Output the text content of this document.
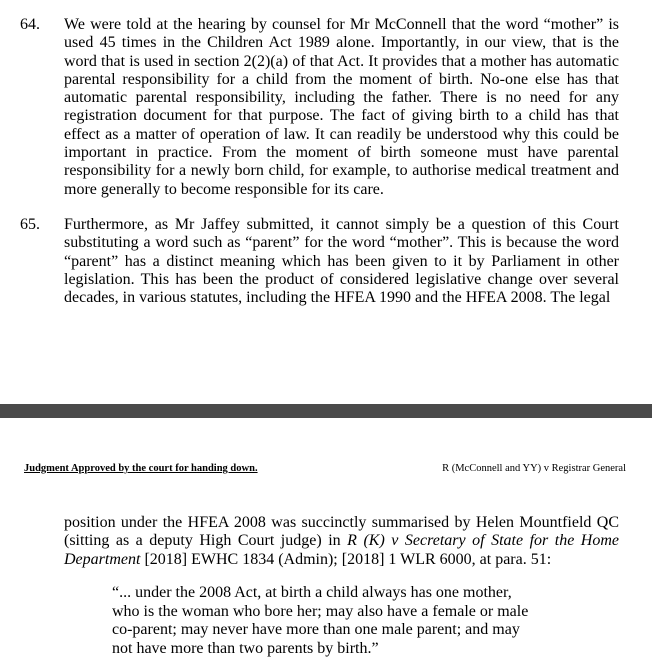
64. We were told at the hearing by counsel for Mr McConnell that the word “mother” is used 45 times in the Children Act 1989 alone. Importantly, in our view, that is the word that is used in section 2(2)(a) of that Act. It provides that a mother has automatic parental responsibility for a child from the moment of birth. No-one else has that automatic parental responsibility, including the father. There is no need for any registration document for that purpose. The fact of giving birth to a child has that effect as a matter of operation of law. It can readily be understood why this could be important in practice. From the moment of birth someone must have parental responsibility for a newly born child, for example, to authorise medical treatment and more generally to become responsible for its care.
65. Furthermore, as Mr Jaffey submitted, it cannot simply be a question of this Court substituting a word such as “parent” for the word “mother”. This is because the word “parent” has a distinct meaning which has been given to it by Parliament in other legislation. This has been the product of considered legislative change over several decades, in various statutes, including the HFEA 1990 and the HFEA 2008. The legal
Judgment Approved by the court for handing down.	R (McConnell and YY) v Registrar General
position under the HFEA 2008 was succinctly summarised by Helen Mountfield QC (sitting as a deputy High Court judge) in R (K) v Secretary of State for the Home Department [2018] EWHC 1834 (Admin); [2018] 1 WLR 6000, at para. 51:
“... under the 2008 Act, at birth a child always has one mother,
who is the woman who bore her; may also have a female or male
co-parent; may never have more than one male parent; and may
not have more than two parents by birth.”
